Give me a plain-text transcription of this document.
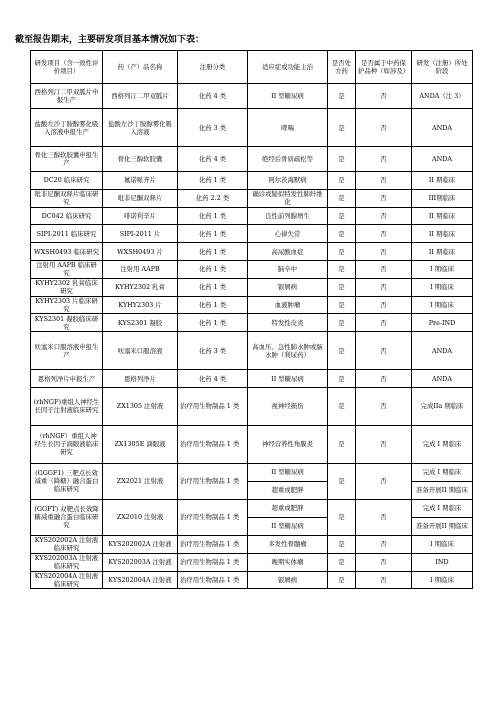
截至报告期末，主要研发项目基本情况如下表：
研发项目（含一致性评价项目）	药（产）品名称	注册分类	适应症或功能主治	是否处方药	是否属于中药保护品种（如涉及）	研发（注册）所处阶段
西格列汀二甲双胍片申报生产	西格列汀二甲双胍片	化药 4 类	II 型糖尿病	是	否	ANDA（注 3）
盐酸左沙丁胺醇雾化吸入溶液申报生产	盐酸左沙丁胺醇雾化吸入溶液	化药 3 类	哮喘	是	否	ANDA
骨化三醇软胶囊申报生产	骨化三醇软胶囊	化药 4 类	绝经后骨质疏松等	是	否	ANDA
DC20 临床研究	氟诺哌齐片	化药 1 类	阿尔茨海默病	是	否	II 期临床
吡非尼酮双释片临床研究	吡非尼酮双释片	化药 2.2 类	确诊或疑似特发性肺纤维化	是	否	III期临床
DC042 临床研究	啡诺利辛片	化药 1 类	良性前列腺增生	是	否	II 期临床
SIPI-2011 临床研究	SIPI-2011 片	化药 1 类	心律失常	是	否	II 期临床
WXSH0493 临床研究	WXSH0493 片	化药 1 类	高尿酸血症	是	否	II 期临床
注射用 AAPB 临床研究	注射用 AAPB	化药 1 类	脑卒中	是	否	I 期临床
KYHY2302 乳膏临床研究	KYHY2302 乳膏	化药 1 类	银屑病	是	否	I 期临床
KYHY2303 片临床研究	KYHY2303 片	化药 1 类	血液肿瘤	是	否	I 期临床
KYS2301 凝胶临床研究	KYS2301 凝胶	化药 1 类	特发性皮炎	是	否	Pre-IND
呋塞米口服溶液申报生产	呋塞米口服溶液	化药 3 类	高血压、急性肺水肿或脑水肿（利尿药）	是	否	ANDA
恩格列净片申报生产	恩格列净片	化药 4 类	II 型糖尿病	是	否	ANDA
(rhNGF)重组人神经生长因子注射液临床研究	ZX1305 注射液	治疗用生物制品 1 类	视神经损伤	是	否	完成IIa 期临床
（rhNGF）重组人神经生长因子滴眼液临床研究	ZX1305E 滴眼液	治疗用生物制品 1 类	神经营养性角膜炎	是	否	完成 I 期临床
(GGGF1) 三靶点长效减重（降糖）融合蛋白临床研究	ZX2021 注射液	治疗用生物制品 1 类	II 型糖尿病	是	否	完成 I 期临床
			超重或肥胖			准备开展II 期临床
(GGFT) 双靶点长效降糖减重融合蛋白临床研究	ZX2010 注射液	治疗用生物制品 1 类	超重或肥胖	是	否	完成 I 期临床
			II 型糖尿病			准备开展II 期临床
KYS202002A 注射液临床研究	KYS202002A 注射液	治疗用生物制品 1 类	多发性骨髓瘤	是	否	I 期临床
KYS202003A 注射液临床研究	KYS202003A 注射液	治疗用生物制品 1 类	晚期实体瘤	是	否	IND
KYS202004A 注射液临床研究	KYS202004A 注射液	治疗用生物制品 1 类	银屑病	是	否	I 期临床
